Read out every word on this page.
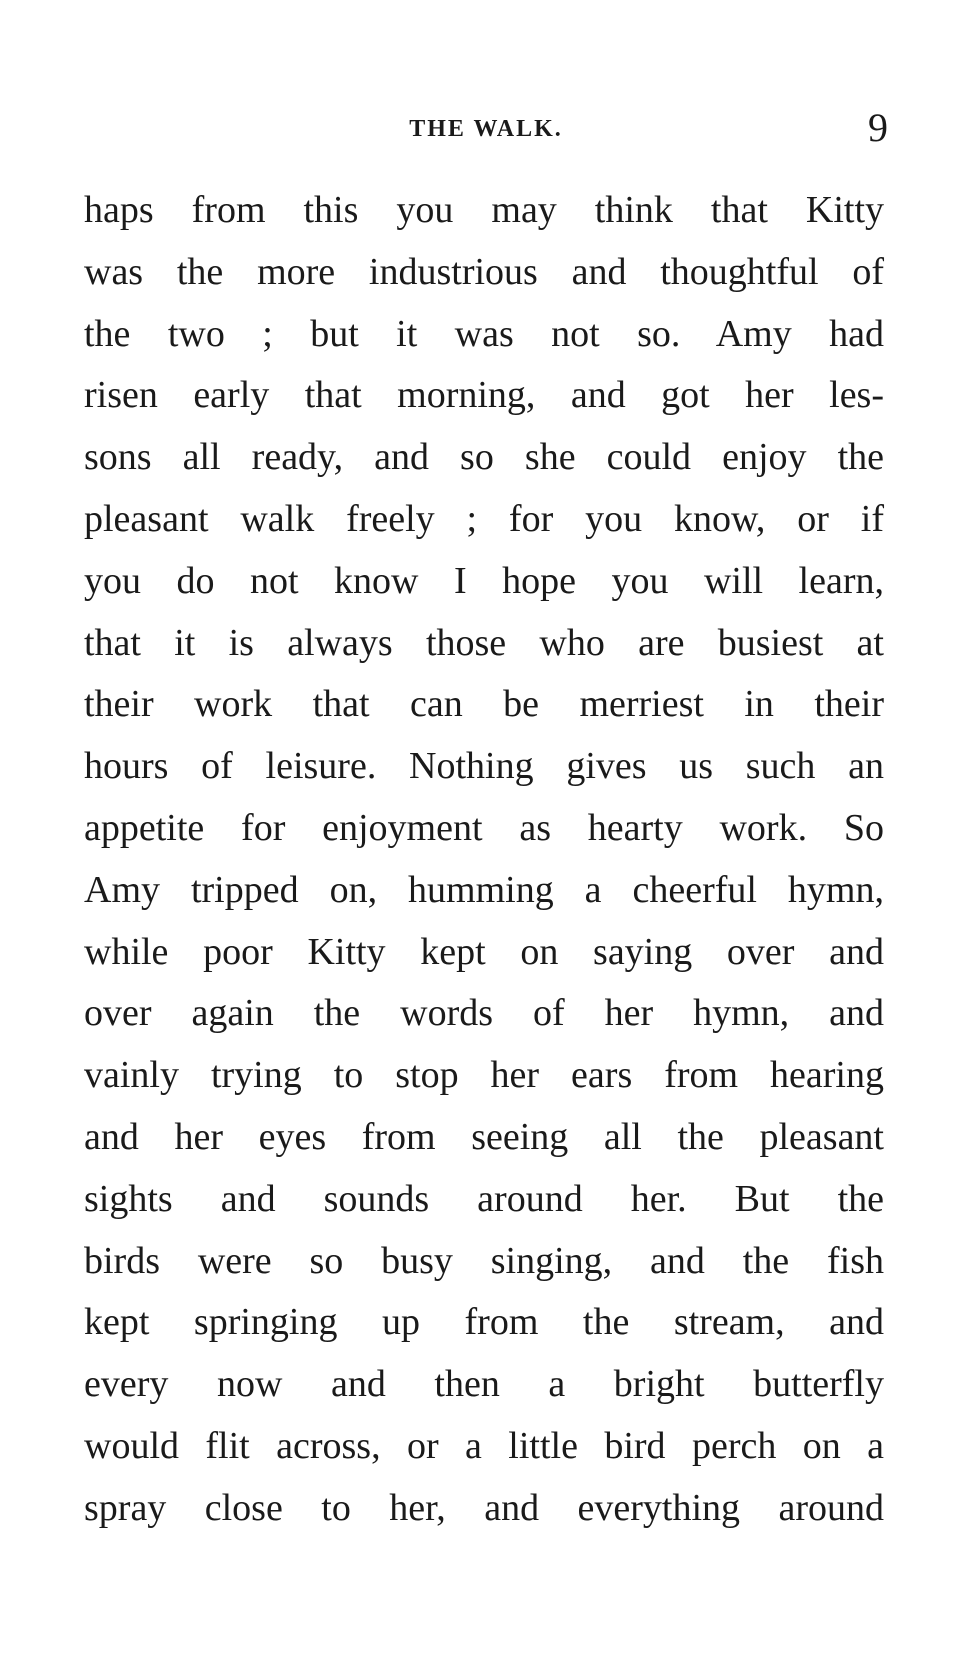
THE WALK.	9
haps from this you may think that Kitty
was the more industrious and thoughtful of
the two ; but it was not so. Amy had
risen early that morning, and got her les-
sons all ready, and so she could enjoy the
pleasant walk freely ; for you know, or if
you do not know I hope you will learn,
that it is always those who are busiest at
their work that can be merriest in their
hours of leisure. Nothing gives us such an
appetite for enjoyment as hearty work. So
Amy tripped on, humming a cheerful hymn,
while poor Kitty kept on saying over and
over again the words of her hymn, and
vainly trying to stop her ears from hearing
and her eyes from seeing all the pleasant
sights and sounds around her. But the
birds were so busy singing, and the fish
kept springing up from the stream, and
every now and then a bright butterfly
would flit across, or a little bird perch on a
spray close to her, and everything around
